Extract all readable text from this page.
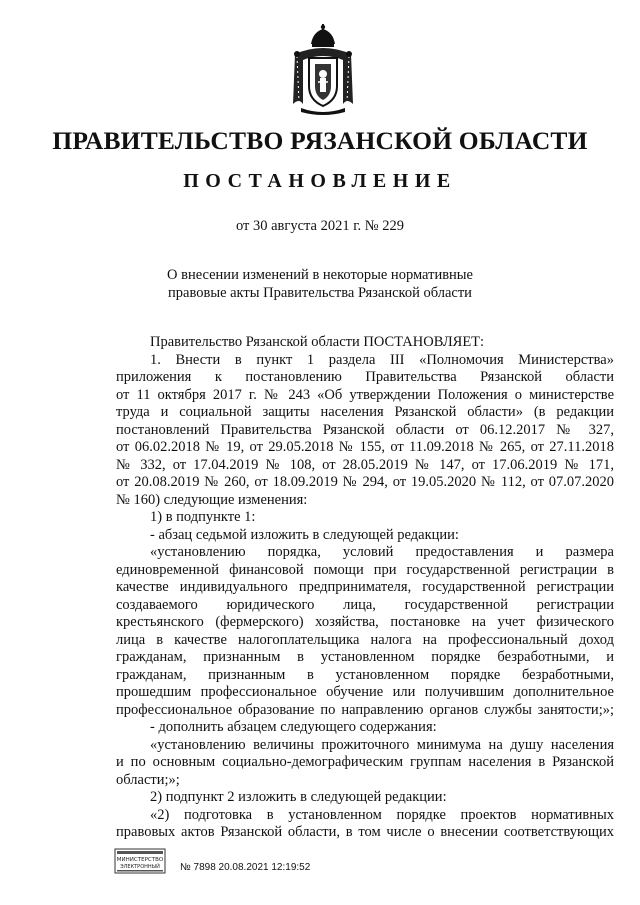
ПРАВИТЕЛЬСТВО РЯЗАНСКОЙ ОБЛАСТИ
ПОСТАНОВЛЕНИЕ
от 30 августа 2021 г. № 229
О внесении изменений в некоторые нормативные
правовые акты Правительства Рязанской области
Правительство Рязанской области ПОСТАНОВЛЯЕТ:
1. Внести в пункт 1 раздела III «Полномочия Министерства»
приложения к постановлению Правительства Рязанской области
от 11 октября 2017 г. № 243 «Об утверждении Положения о министерстве
труда и социальной защиты населения Рязанской области» (в редакции
постановлений Правительства Рязанской области от 06.12.2017 № 327,
от 06.02.2018 № 19, от 29.05.2018 № 155, от 11.09.2018 № 265, от 27.11.2018
№ 332, от 17.04.2019 № 108, от 28.05.2019 № 147, от 17.06.2019 № 171,
от 20.08.2019 № 260, от 18.09.2019 № 294, от 19.05.2020 № 112, от 07.07.2020
№ 160) следующие изменения:
1) в подпункте 1:
- абзац седьмой изложить в следующей редакции:
«установлению порядка, условий предоставления и размера
единовременной финансовой помощи при государственной регистрации в
качестве индивидуального предпринимателя, государственной регистрации
создаваемого юридического лица, государственной регистрации
крестьянского (фермерского) хозяйства, постановке на учет физического
лица в качестве налогоплательщика налога на профессиональный доход
гражданам, признанным в установленном порядке безработными, и
гражданам, признанным в установленном порядке безработными,
прошедшим профессиональное обучение или получившим дополнительное
профессиональное образование по направлению органов службы занятости;»;
- дополнить абзацем следующего содержания:
«установлению величины прожиточного минимума на душу населения
и по основным социально-демографическим группам населения в Рязанской
области;»;
2) подпункт 2 изложить в следующей редакции:
«2) подготовка в установленном порядке проектов нормативных
правовых актов Рязанской области, в том числе о внесении соответствующих
МИНИСТЕРСТВО
ЭЛЕКТРОННЫЙ № 7898 20.08.2021 12:19:52
